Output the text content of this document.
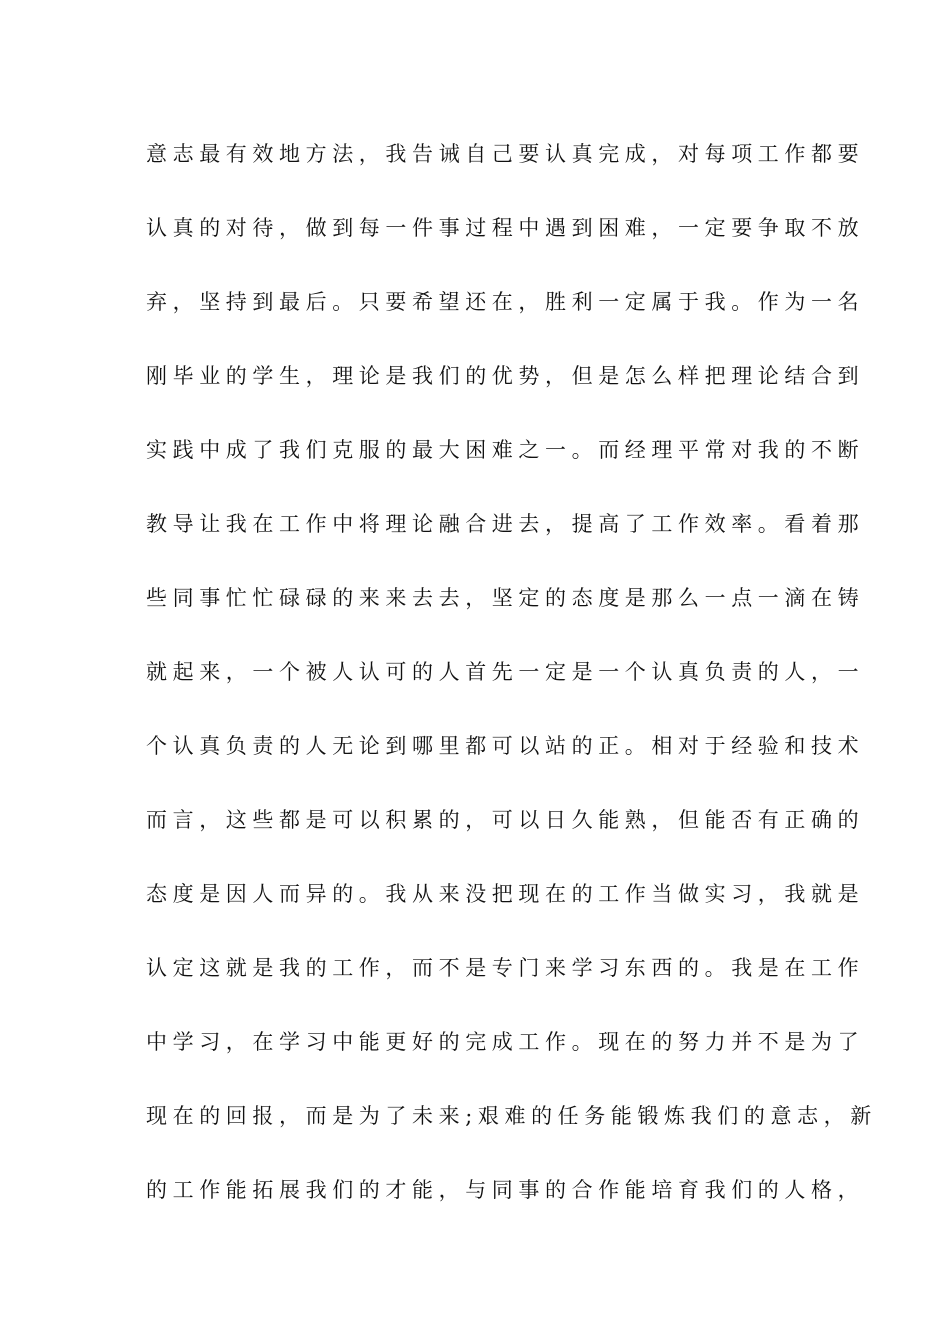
意志最有效地方法，我告诫自己要认真完成，对每项工作都要
认真的对待，做到每一件事过程中遇到困难，一定要争取不放
弃，坚持到最后。只要希望还在，胜利一定属于我。作为一名
刚毕业的学生，理论是我们的优势，但是怎么样把理论结合到
实践中成了我们克服的最大困难之一。而经理平常对我的不断
教导让我在工作中将理论融合进去，提高了工作效率。看着那
些同事忙忙碌碌的来来去去，坚定的态度是那么一点一滴在铸
就起来，一个被人认可的人首先一定是一个认真负责的人，一
个认真负责的人无论到哪里都可以站的正。相对于经验和技术
而言，这些都是可以积累的，可以日久能熟，但能否有正确的
态度是因人而异的。我从来没把现在的工作当做实习，我就是
认定这就是我的工作，而不是专门来学习东西的。我是在工作
中学习，在学习中能更好的完成工作。现在的努力并不是为了
现在的回报，而是为了未来;艰难的任务能锻炼我们的意志，新
的工作能拓展我们的才能，与同事的合作能培育我们的人格，
